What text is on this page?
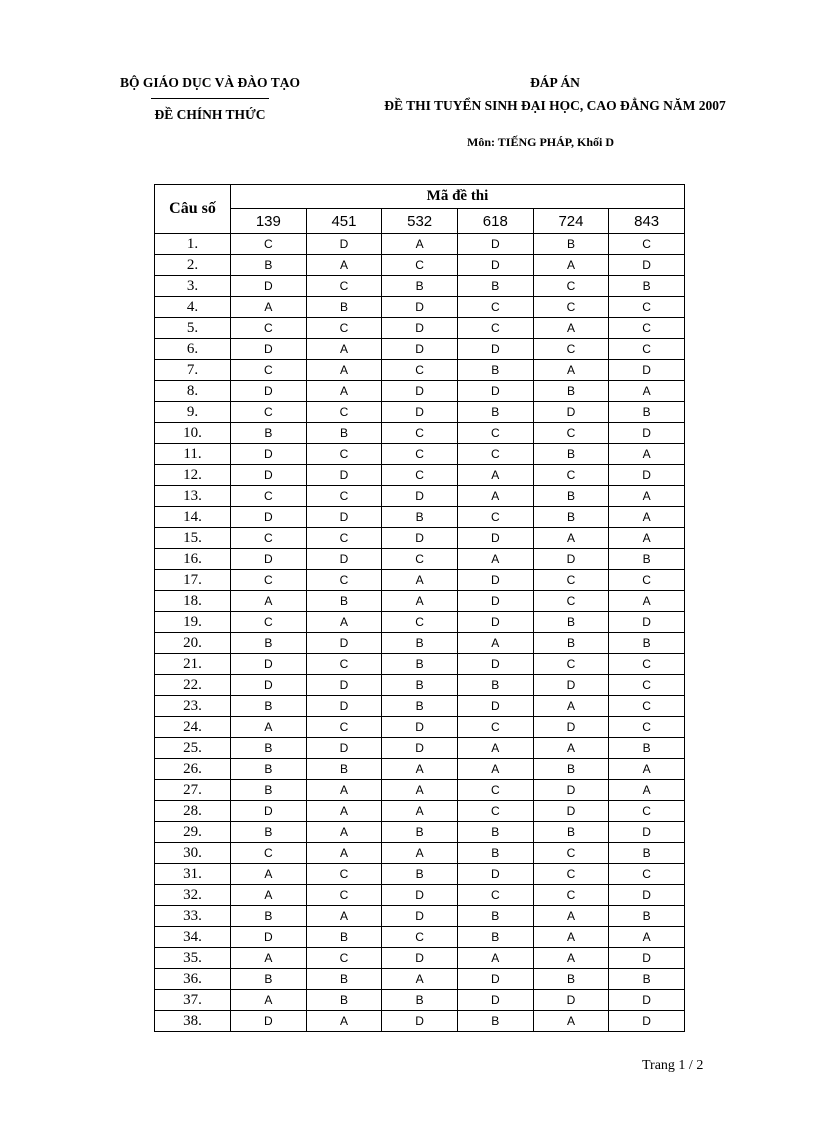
BỘ GIÁO DỤC VÀ ĐÀO TẠO
ĐỀ CHÍNH THỨC
ĐÁP ÁN
ĐỀ THI TUYỂN SINH ĐẠI HỌC, CAO ĐẲNG NĂM 2007
Môn: TIẾNG PHÁP, Khối D
Câu số	Mã đề thi					
	139	451	532	618	724	843
1.	C	D	A	D	B	C
2.	B	A	C	D	A	D
3.	D	C	B	B	C	B
4.	A	B	D	C	C	C
5.	C	C	D	C	A	C
6.	D	A	D	D	C	C
7.	C	A	C	B	A	D
8.	D	A	D	D	B	A
9.	C	C	D	B	D	B
10.	B	B	C	C	C	D
11.	D	C	C	C	B	A
12.	D	D	C	A	C	D
13.	C	C	D	A	B	A
14.	D	D	B	C	B	A
15.	C	C	D	D	A	A
16.	D	D	C	A	D	B
17.	C	C	A	D	C	C
18.	A	B	A	D	C	A
19.	C	A	C	D	B	D
20.	B	D	B	A	B	B
21.	D	C	B	D	C	C
22.	D	D	B	B	D	C
23.	B	D	B	D	A	C
24.	A	C	D	C	D	C
25.	B	D	D	A	A	B
26.	B	B	A	A	B	A
27.	B	A	A	C	D	A
28.	D	A	A	C	D	C
29.	B	A	B	B	B	D
30.	C	A	A	B	C	B
31.	A	C	B	D	C	C
32.	A	C	D	C	C	D
33.	B	A	D	B	A	B
34.	D	B	C	B	A	A
35.	A	C	D	A	A	D
36.	B	B	A	D	B	B
37.	A	B	B	D	D	D
38.	D	A	D	B	A	D
Trang 1 / 2
